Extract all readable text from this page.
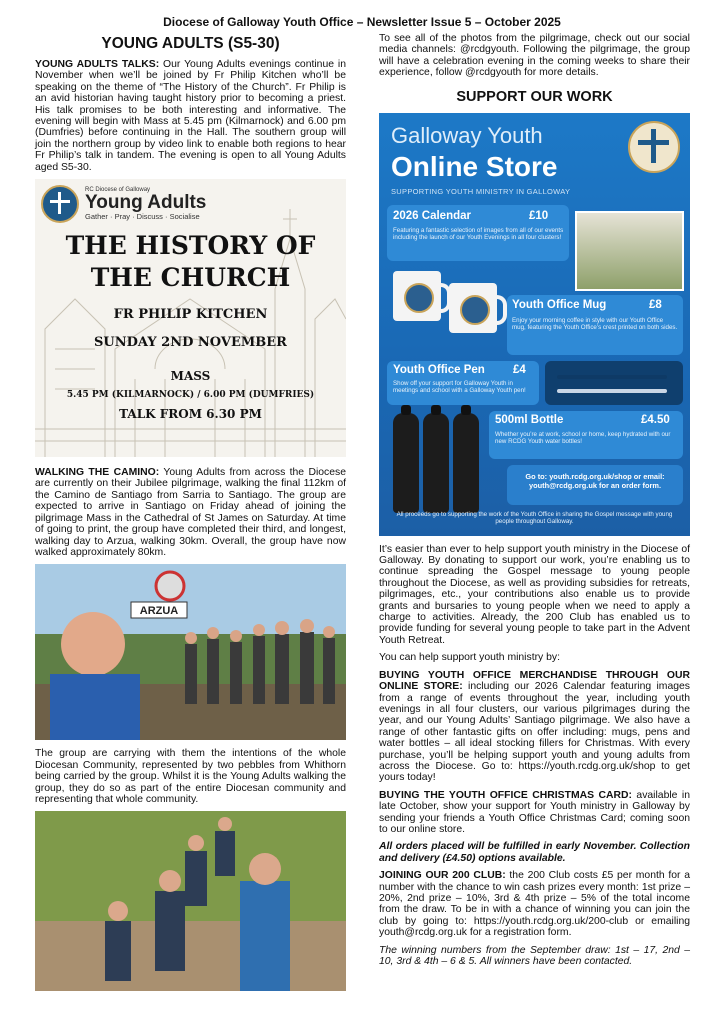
Diocese of Galloway Youth Office – Newsletter Issue 5 – October 2025
YOUNG ADULTS (S5-30)

YOUNG ADULTS TALKS: Our Young Adults evenings continue in November when we’ll be joined by Fr Philip Kitchen who’ll be speaking on the theme of “The History of the Church”. Fr Philip is an avid historian having taught history prior to becoming a priest. His talk promises to be both interesting and informative. The evening will begin with Mass at 5.45 pm (Kilmarnock) and 6.00 pm (Dumfries) before continuing in the Hall. The southern group will join the northern group by video link to enable both regions to hear Fr Philip’s talk in tandem. The evening is open to all Young Adults aged S5-30.

RC Diocese of Galloway
Young Adults
Gather · Pray · Discuss · Socialise
THE HISTORY OF
THE CHURCH
FR PHILIP KITCHEN
SUNDAY 2ND NOVEMBER
MASS
5.45 PM (KILMARNOCK) / 6.00 PM (DUMFRIES)
TALK FROM 6.30 PM

WALKING THE CAMINO: Young Adults from across the Diocese are currently on their Jubilee pilgrimage, walking the final 112km of the Camino de Santiago from Sarria to Santiago. The group are expected to arrive in Santiago on Friday ahead of joining the pilgrimage Mass in the Cathedral of St James on Saturday. At time of going to print, the group have completed their third, and longest, walking day to Arzua, walking 30km. Overall, the group have now walked approximately 80km.

ARZUA

The group are carrying with them the intentions of the whole Diocesan Community, represented by two pebbles from Whithorn being carried by the group. Whilst it is the Young Adults walking the group, they do so as part of the entire Diocesan community and representing that whole community.

To see all of the photos from the pilgrimage, check out our social media channels: @rcdgyouth. Following the pilgrimage, the group will have a celebration evening in the coming weeks to share their experience, follow @rcdgyouth for more details.

SUPPORT OUR WORK
Galloway Youth
Online Store
SUPPORTING YOUTH MINISTRY IN GALLOWAY
2026 Calendar	£10
Featuring a fantastic selection of images from all of our events including the launch of our Youth Evenings in all four clusters!
Youth Office Mug	£8
Enjoy your morning coffee in style with our Youth Office mug, featuring the Youth Office’s crest printed on both sides.
Youth Office Pen £4
Show off your support for Galloway Youth in meetings and school with a Galloway Youth pen!
500ml Bottle	£4.50
Whether you’re at work, school or home, keep hydrated with our new RCDG Youth water bottles!
Go to: youth.rcdg.org.uk/shop or email: youth@rcdg.org.uk for an order form.
All proceeds go to supporting the work of the Youth Office in sharing the Gospel message with young people throughout Galloway.

It’s easier than ever to help support youth ministry in the Diocese of Galloway. By donating to support our work, you’re enabling us to continue spreading the Gospel message to young people throughout the Diocese, as well as providing subsidies for retreats, pilgrimages, etc., your contributions also enable us to provide grants and bursaries to young people when we need to apply a charge to activities. Already, the 200 Club has enabled us to provide funding for several young people to take part in the Advent Youth Retreat.

You can help support youth ministry by:

BUYING YOUTH OFFICE MERCHANDISE THROUGH OUR ONLINE STORE: including our 2026 Calendar featuring images from a range of events throughout the year, including youth evenings in all four clusters, our various pilgrimages during the year, and our Young Adults’ Santiago pilgrimage. We also have a range of other fantastic gifts on offer including: mugs, pens and water bottles – all ideal stocking fillers for Christmas. With every purchase, you’ll be helping support youth and young adults from across the Diocese. Go to: https://youth.rcdg.org.uk/shop to get yours today!

BUYING THE YOUTH OFFICE CHRISTMAS CARD: available in late October, show your support for Youth ministry in Galloway by sending your friends a Youth Office Christmas Card; coming soon to our online store.

All orders placed will be fulfilled in early November. Collection and delivery (£4.50) options available.

JOINING OUR 200 CLUB: the 200 Club costs £5 per month for a number with the chance to win cash prizes every month: 1st prize – 20%, 2nd prize – 10%, 3rd & 4th prize – 5% of the total income from the draw. To be in with a chance of winning you can join the club by going to: https://youth.rcdg.org.uk/200-club or emailing youth@rcdg.org.uk for a registration form.

The winning numbers from the September draw: 1st – 17, 2nd – 10, 3rd & 4th – 6 & 5. All winners have been contacted.
